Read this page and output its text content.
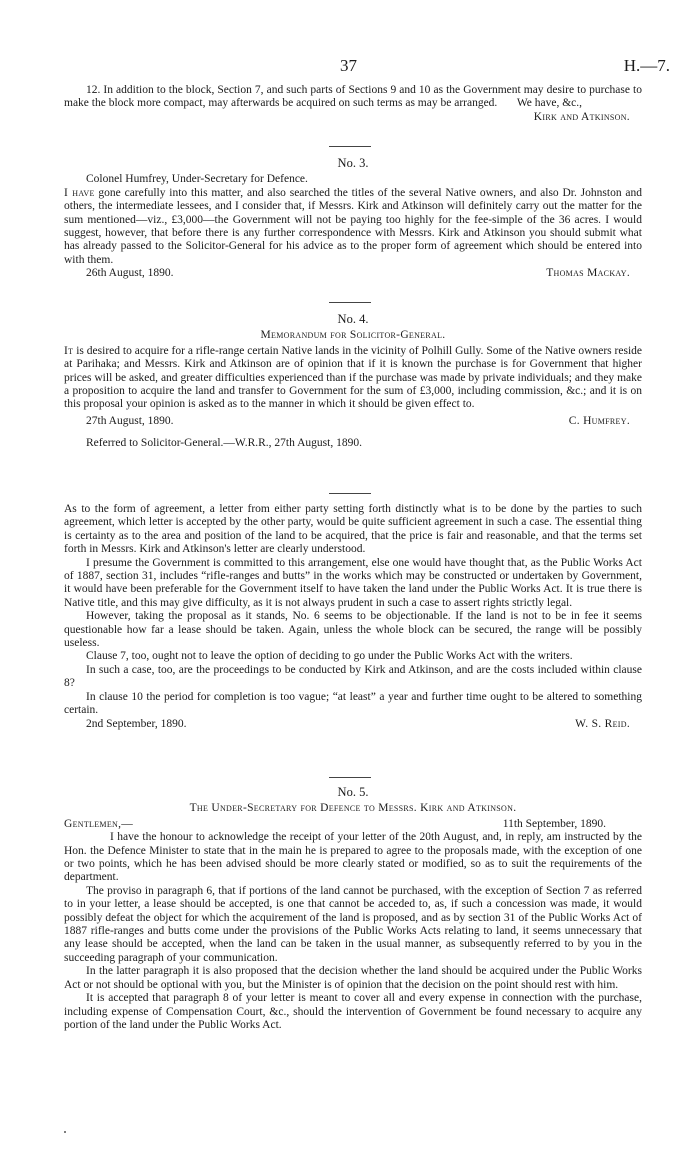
37	H.—7.

12. In addition to the block, Section 7, and such parts of Sections 9 and 10 as the Government may desire to purchase to make the block more compact, may afterwards be acquired on such terms as may be arranged.	We have, &c.,
Kirk and Atkinson.
No. 3.

Colonel Humfrey, Under-Secretary for Defence.

I have gone carefully into this matter, and also searched the titles of the several Native owners, and also Dr. Johnston and others, the intermediate lessees, and I consider that, if Messrs. Kirk and Atkinson will definitely carry out the matter for the sum mentioned—viz., £3,000—the Government will not be paying too highly for the fee-simple of the 36 acres. I would suggest, however, that before there is any further correspondence with Messrs. Kirk and Atkinson you should submit what has already passed to the Solicitor-General for his advice as to the proper form of agreement which should be entered into with them.

26th August, 1890.	Thomas Mackay.
No. 4.
Memorandum for Solicitor-General.

It is desired to acquire for a rifle-range certain Native lands in the vicinity of Polhill Gully. Some of the Native owners reside at Parihaka; and Messrs. Kirk and Atkinson are of opinion that if it is known the purchase is for Government that higher prices will be asked, and greater difficulties experienced than if the purchase was made by private individuals; and they make a proposition to acquire the land and transfer to Government for the sum of £3,000, including commission, &c.; and it is on this proposal your opinion is asked as to the manner in which it should be given effect to.

27th August, 1890.	C. Humfrey.

Referred to Solicitor-General.—W.R.R., 27th August, 1890.

As to the form of agreement, a letter from either party setting forth distinctly what is to be done by the parties to such agreement, which letter is accepted by the other party, would be quite sufficient agreement in such a case. The essential thing is certainty as to the area and position of the land to be acquired, that the price is fair and reasonable, and that the terms set forth in Messrs. Kirk and Atkinson's letter are clearly understood.

I presume the Government is committed to this arrangement, else one would have thought that, as the Public Works Act of 1887, section 31, includes “rifle-ranges and butts” in the works which may be constructed or undertaken by Government, it would have been preferable for the Government itself to have taken the land under the Public Works Act. It is true there is Native title, and this may give difficulty, as it is not always prudent in such a case to assert rights strictly legal.

However, taking the proposal as it stands, No. 6 seems to be objectionable. If the land is not to be in fee it seems questionable how far a lease should be taken. Again, unless the whole block can be secured, the range will be possibly useless.

Clause 7, too, ought not to leave the option of deciding to go under the Public Works Act with the writers.

In such a case, too, are the proceedings to be conducted by Kirk and Atkinson, and are the costs included within clause 8?

In clause 10 the period for completion is too vague; “at least” a year and further time ought to be altered to something certain.

2nd September, 1890.	W. S. Reid.
No. 5.
The Under-Secretary for Defence to Messrs. Kirk and Atkinson.
Gentlemen,—	11th September, 1890.

I have the honour to acknowledge the receipt of your letter of the 20th August, and, in reply, am instructed by the Hon. the Defence Minister to state that in the main he is prepared to agree to the proposals made, with the exception of one or two points, which he has been advised should be more clearly stated or modified, so as to suit the requirements of the department.

The proviso in paragraph 6, that if portions of the land cannot be purchased, with the exception of Section 7 as referred to in your letter, a lease should be accepted, is one that cannot be acceded to, as, if such a concession was made, it would possibly defeat the object for which the acquirement of the land is proposed, and as by section 31 of the Public Works Act of 1887 rifle-ranges and butts come under the provisions of the Public Works Acts relating to land, it seems unnecessary that any lease should be accepted, when the land can be taken in the usual manner, as subsequently referred to by you in the succeeding paragraph of your communication.

In the latter paragraph it is also proposed that the decision whether the land should be acquired under the Public Works Act or not should be optional with you, but the Minister is of opinion that the decision on the point should rest with him.

It is accepted that paragraph 8 of your letter is meant to cover all and every expense in connection with the purchase, including expense of Compensation Court, &c., should the intervention of Government be found necessary to acquire any portion of the land under the Public Works Act.
